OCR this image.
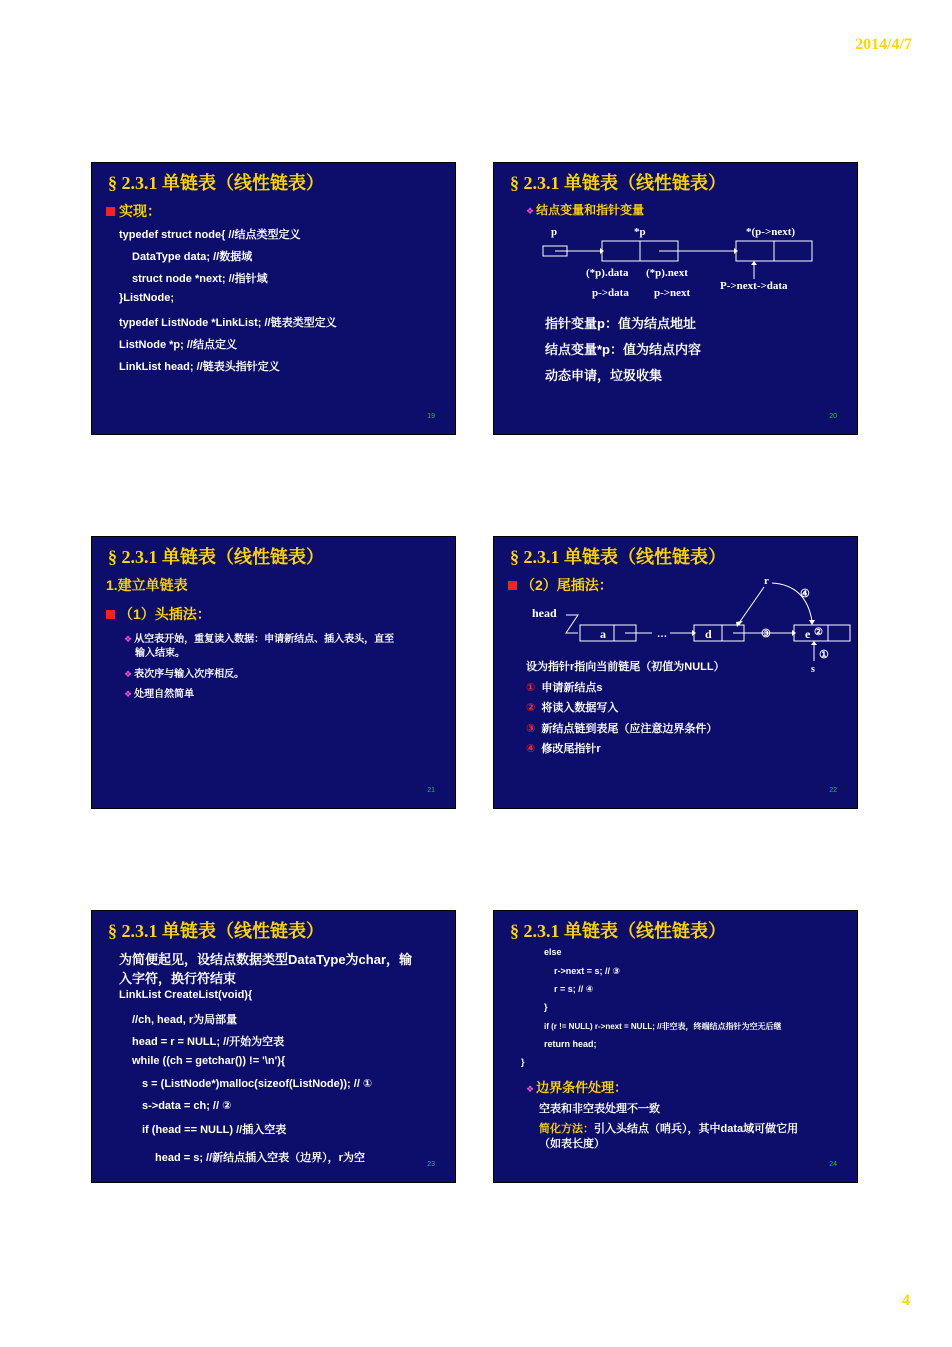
2014/4/7
§ 2.3.1 单链表（线性链表）
实现：
typedef struct node{ //结点类型定义
DataType data; //数据域
struct node *next; //指针域
}ListNode;
typedef ListNode *LinkList; //链表类型定义
ListNode *p; //结点定义
LinkList head; //链表头指针定义
19
§ 2.3.1 单链表（线性链表）
❖ 结点变量和指针变量
p	*p	*(p->next)
(*p).data (*p).next
p->data p->next
P->next->data
指针变量p：值为结点地址
结点变量*p：值为结点内容
动态申请，垃圾收集
20
§ 2.3.1 单链表（线性链表）
1.建立单链表
（1）头插法：
❖ 从空表开始，重复读入数据：申请新结点、插入表头，直至
输入结束。
❖ 表次序与输入次序相反。
❖ 处理自然简单
21
§ 2.3.1 单链表（线性链表）
（2）尾插法：
head
a	…	d	e
r
s
④
③	②
①
设为指针r指向当前链尾（初值为NULL）
① 申请新结点s
② 将读入数据写入
③ 新结点链到表尾（应注意边界条件）
④ 修改尾指针r
22
§ 2.3.1 单链表（线性链表）
为简便起见，设结点数据类型DataType为char，输
入字符，换行符结束
LinkList CreateList(void){
//ch, head, r为局部量
head = r = NULL; //开始为空表
while ((ch = getchar()) != '\n'){
s = (ListNode*)malloc(sizeof(ListNode)); // ①
s->data = ch; // ②
if (head == NULL) //插入空表
head = s; //新结点插入空表（边界），r为空
23
§ 2.3.1 单链表（线性链表）
else
r->next = s; // ③
r = s; // ④
}
if (r != NULL) r->next = NULL; //非空表，终端结点指针为空无后继
return head;
}
❖ 边界条件处理：
空表和非空表处理不一致
简化方法：引入头结点（哨兵），其中data域可做它用
（如表长度）
24
4
